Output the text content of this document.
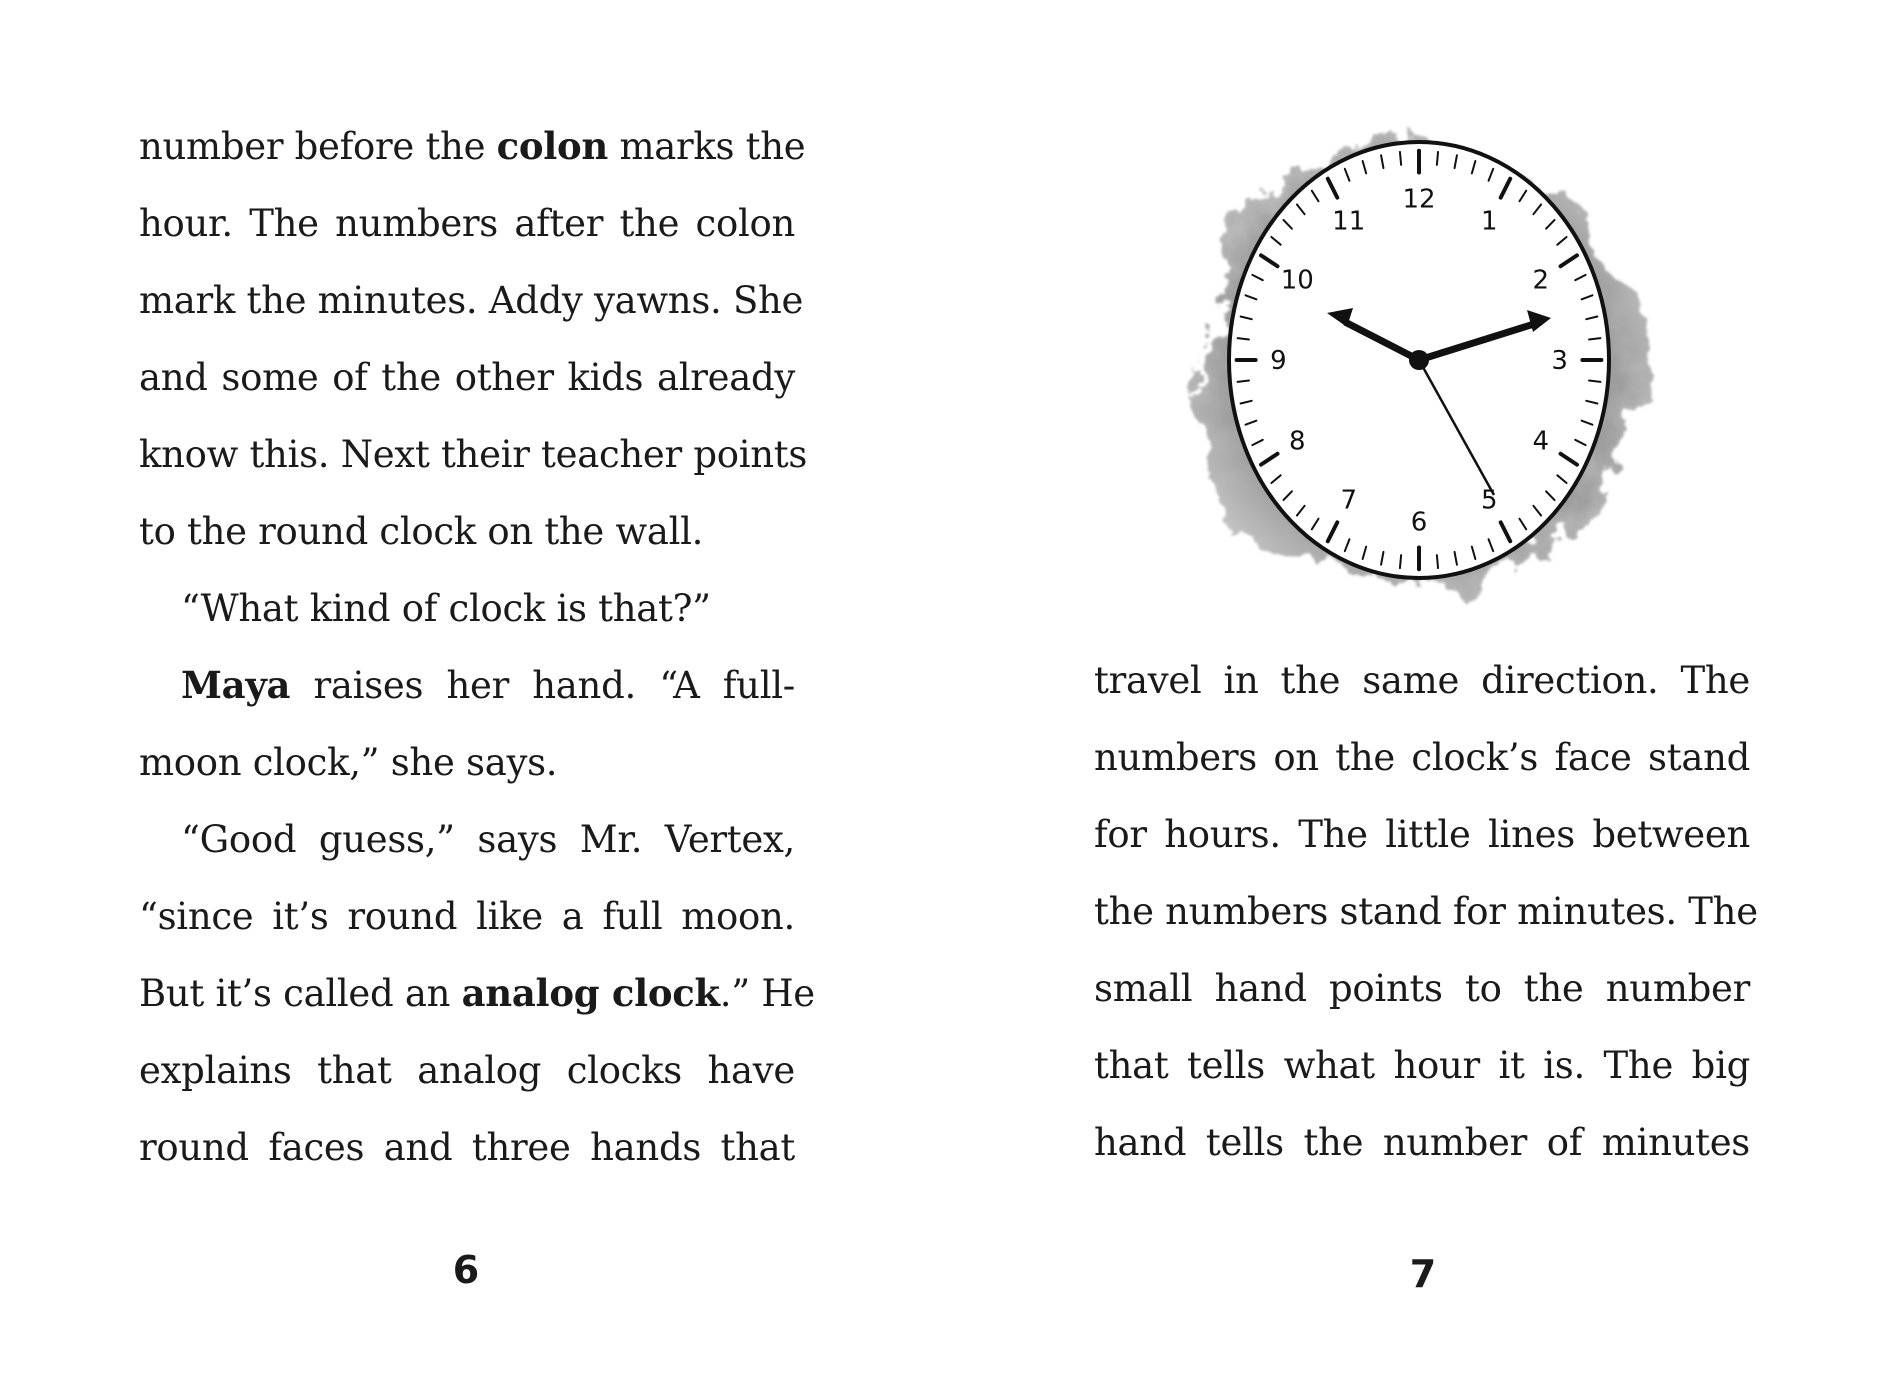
number before the colon marks the
hour. The numbers after the colon
mark the minutes. Addy yawns. She
and some of the other kids already
know this. Next their teacher points
to the round clock on the wall.
“What kind of clock is that?”
Maya raises her hand. “A full-
moon clock,” she says.
“Good guess,” says Mr. Vertex,
“since it’s round like a full moon.
But it’s called an analog clock.” He
explains that analog clocks have
round faces and three hands that
6
12
1
2
3
4
5
6
7
8
9
10
11
travel in the same direction. The
numbers on the clock’s face stand
for hours. The little lines between
the numbers stand for minutes. The
small hand points to the number
that tells what hour it is. The big
hand tells the number of minutes
7
